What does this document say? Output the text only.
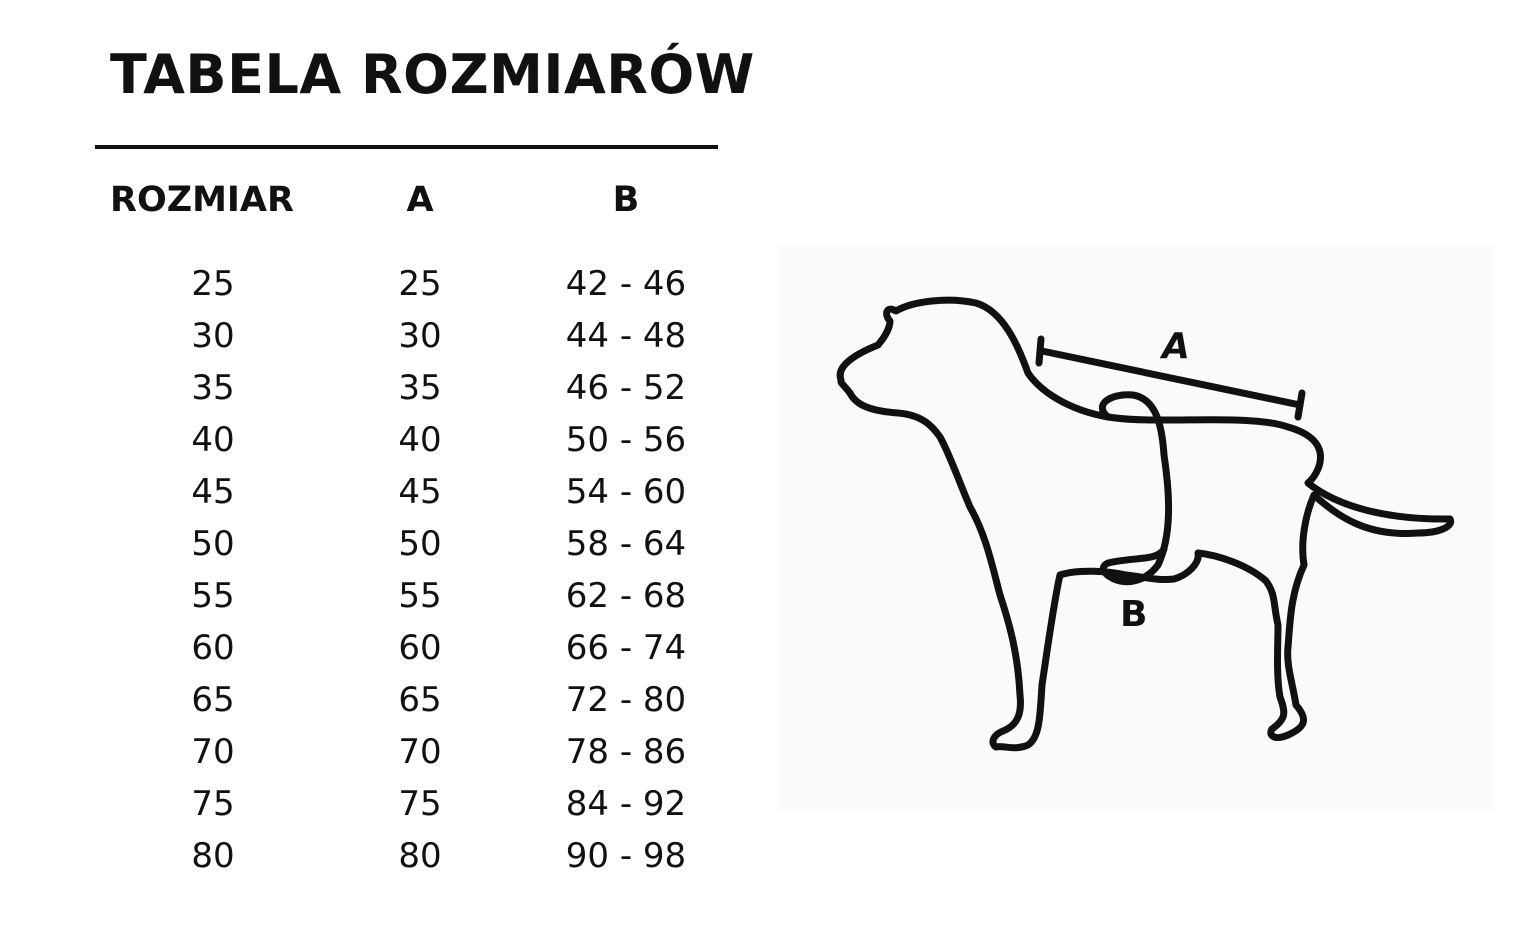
TABELA ROZMIARÓW
ROZMIAR	A	B
25	25	42 - 46
30	30	44 - 48
35	35	46 - 52
40	40	50 - 56
45	45	54 - 60
50	50	58 - 64
55	55	62 - 68
60	60	66 - 74
65	65	72 - 80
70	70	78 - 86
75	75	84 - 92
80	80	90 - 98
A
B
